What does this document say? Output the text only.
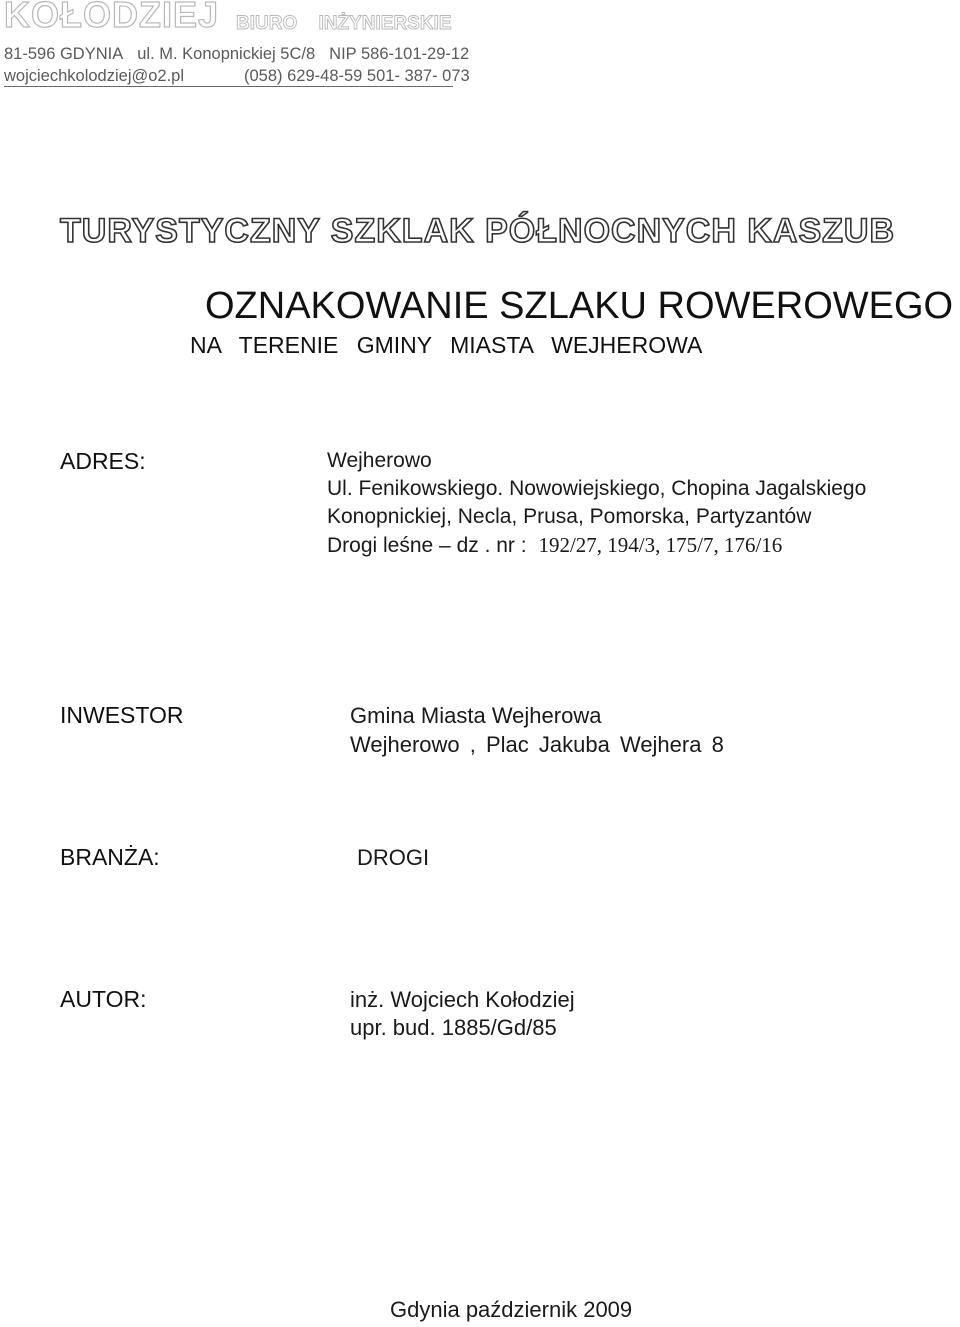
KOŁODZIEJ BIURO INŻYNIERSKIE
81-596 GDYNIA ul. M. Konopnickiej 5C/8 NIP 586-101-29-12
wojciechkolodziej@o2.pl	(058) 629-48-59 501- 387- 073
TURYSTYCZNY SZKLAK PÓŁNOCNYCH KASZUB
OZNAKOWANIE SZLAKU ROWEROWEGO
NA TERENIE GMINY MIASTA WEJHEROWA
ADRES:	Wejherowo
Ul. Fenikowskiego. Nowowiejskiego, Chopina Jagalskiego
Konopnickiej, Necla, Prusa, Pomorska, Partyzantów
Drogi leśne – dz . nr : 192/27, 194/3, 175/7, 176/16
INWESTOR	Gmina Miasta Wejherowa
Wejherowo , Plac Jakuba Wejhera 8
BRANŻA:	DROGI
AUTOR:	inż. Wojciech Kołodziej
upr. bud. 1885/Gd/85
Gdynia październik 2009
